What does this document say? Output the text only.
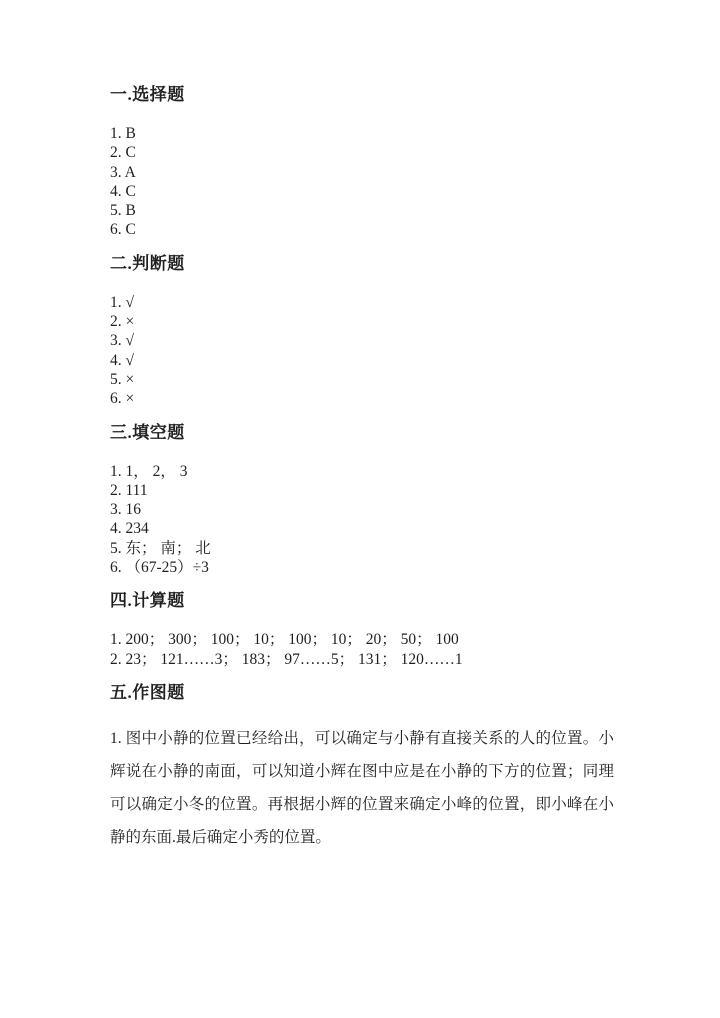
一.选择题

1. B

2. C

3. A

4. C

5. B

6. C

二.判断题

1. √

2. ×

3. √

4. √

5. ×

6. ×

三.填空题

1. 1， 2， 3

2. 111

3. 16

4. 234

5. 东； 南； 北

6. （67-25）÷3

四.计算题

1. 200； 300； 100； 10； 100； 10； 20； 50； 100

2. 23； 121……3； 183； 97……5； 131； 120……1

五.作图题

1. 图中小静的位置已经给出，可以确定与小静有直接关系的人的位置。小辉说在小静的南面，可以知道小辉在图中应是在小静的下方的位置；同理可以确定小冬的位置。再根据小辉的位置来确定小峰的位置，即小峰在小静的东面.最后确定小秀的位置。
